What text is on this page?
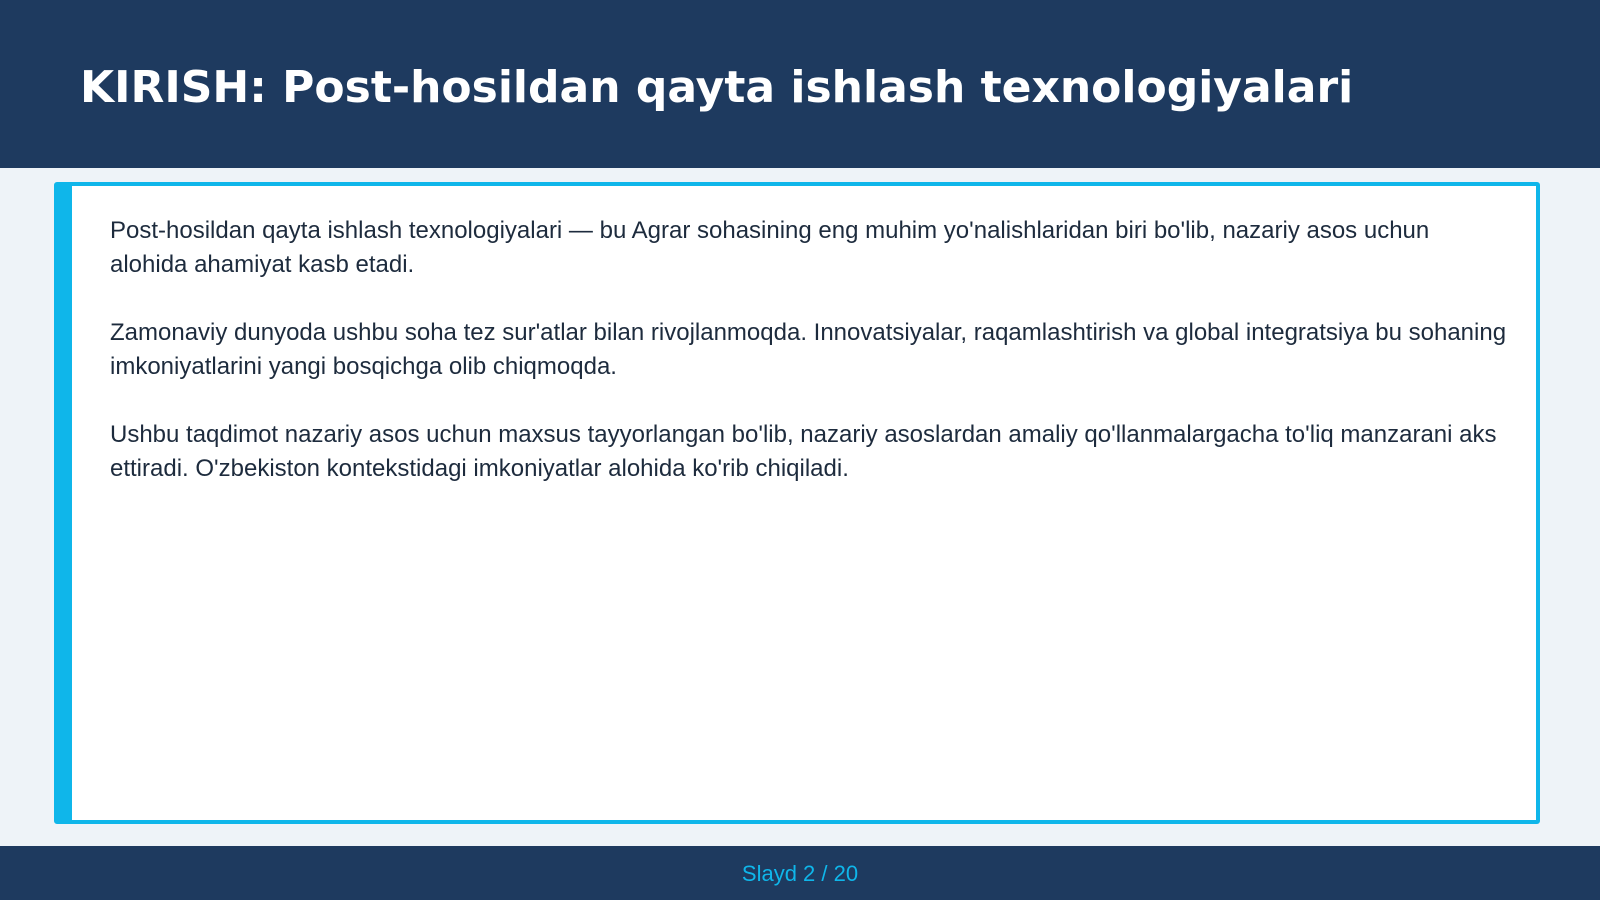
KIRISH: Post-hosildan qayta ishlash texnologiyalari

Post-hosildan qayta ishlash texnologiyalari — bu Agrar sohasining eng muhim yo'nalishlaridan biri bo'lib, nazariy asos uchun alohida ahamiyat kasb etadi.

Zamonaviy dunyoda ushbu soha tez sur'atlar bilan rivojlanmoqda. Innovatsiyalar, raqamlashtirish va global integratsiya bu sohaning imkoniyatlarini yangi bosqichga olib chiqmoqda.

Ushbu taqdimot nazariy asos uchun maxsus tayyorlangan bo'lib, nazariy asoslardan amaliy qo'llanmalargacha to'liq manzarani aks ettiradi. O'zbekiston kontekstidagi imkoniyatlar alohida ko'rib chiqiladi.

Slayd 2 / 20
